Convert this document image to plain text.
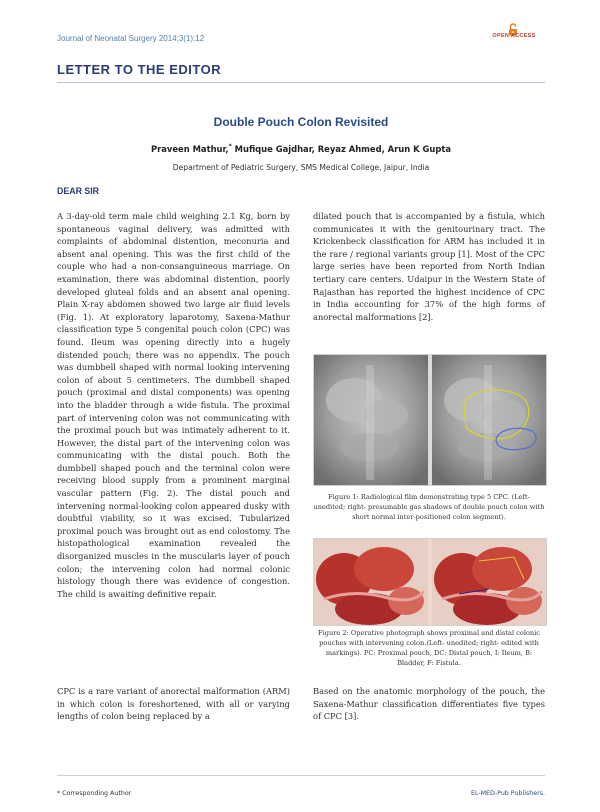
Journal of Neonatal Surgery 2014;3(1):12	OPEN ACCESS
LETTER TO THE EDITOR
Double Pouch Colon Revisited
Praveen Mathur,* Mufique Gajdhar, Reyaz Ahmed, Arun K Gupta
Department of Pediatric Surgery, SMS Medical College, Jaipur, India
DEAR SIR

A 3-day-old term male child weighing 2.1 Kg, born by spontaneous vaginal delivery, was admitted with complaints of abdominal distention, meconuria and absent anal opening. This was the first child of the couple who had a non-consanguineous marriage. On examination, there was abdominal distention, poorly developed gluteal folds and an absent anal opening. Plain X-ray abdomen showed two large air fluid levels (Fig. 1). At exploratory laparotomy, Saxena-Mathur classification type 5 congenital pouch colon (CPC) was found. Ileum was opening directly into a hugely distended pouch; there was no appendix. The pouch was dumbbell shaped with normal looking intervening colon of about 5 centimeters. The dumbbell shaped pouch (proximal and distal components) was opening into the bladder through a wide fistula. The proximal part of intervening colon was not communicating with the proximal pouch but was intimately adherent to it. However, the distal part of the intervening colon was communicating with the distal pouch. Both the dumbbell shaped pouch and the terminal colon were receiving blood supply from a prominent marginal vascular pattern (Fig. 2). The distal pouch and intervening normal-looking colon appeared dusky with doubtful viability, so it was excised. Tubularized proximal pouch was brought out as end colostomy. The histopathological examination revealed the disorganized muscles in the muscularis layer of pouch colon; the intervening colon had normal colonic histology though there was evidence of congestion. The child is awaiting definitive repair.

CPC is a rare variant of anorectal malformation (ARM) in which colon is foreshortened, with all or varying lengths of colon being replaced by a

dilated pouch that is accompanied by a fistula, which communicates it with the genitourinary tract. The Krickenbeck classification for ARM has included it in the rare / regional variants group [1]. Most of the CPC large series have been reported from North Indian tertiary care centers. Udaipur in the Western State of Rajasthan has reported the highest incidence of CPC in India accounting for 37% of the high forms of anorectal malformations [2].

Figure 1: Radiological film demonstrating type 5 CPC. (Left- unedited; right- presumable gas shadows of double pouch colon with short normal inter-positioned colon segment).
Figure 2: Operative photograph shows proximal and distal colonic pouches with intervening colon.(Left- unedited; right- edited with markings). PC: Proximal pouch, DC: Distal pouch, I: Ileum, B: Bladder, F: Fistula.

Based on the anatomic morphology of the pouch, the Saxena-Mathur classification differentiates five types of CPC [3].

* Corresponding Author	EL-MED-Pub Publishers.
